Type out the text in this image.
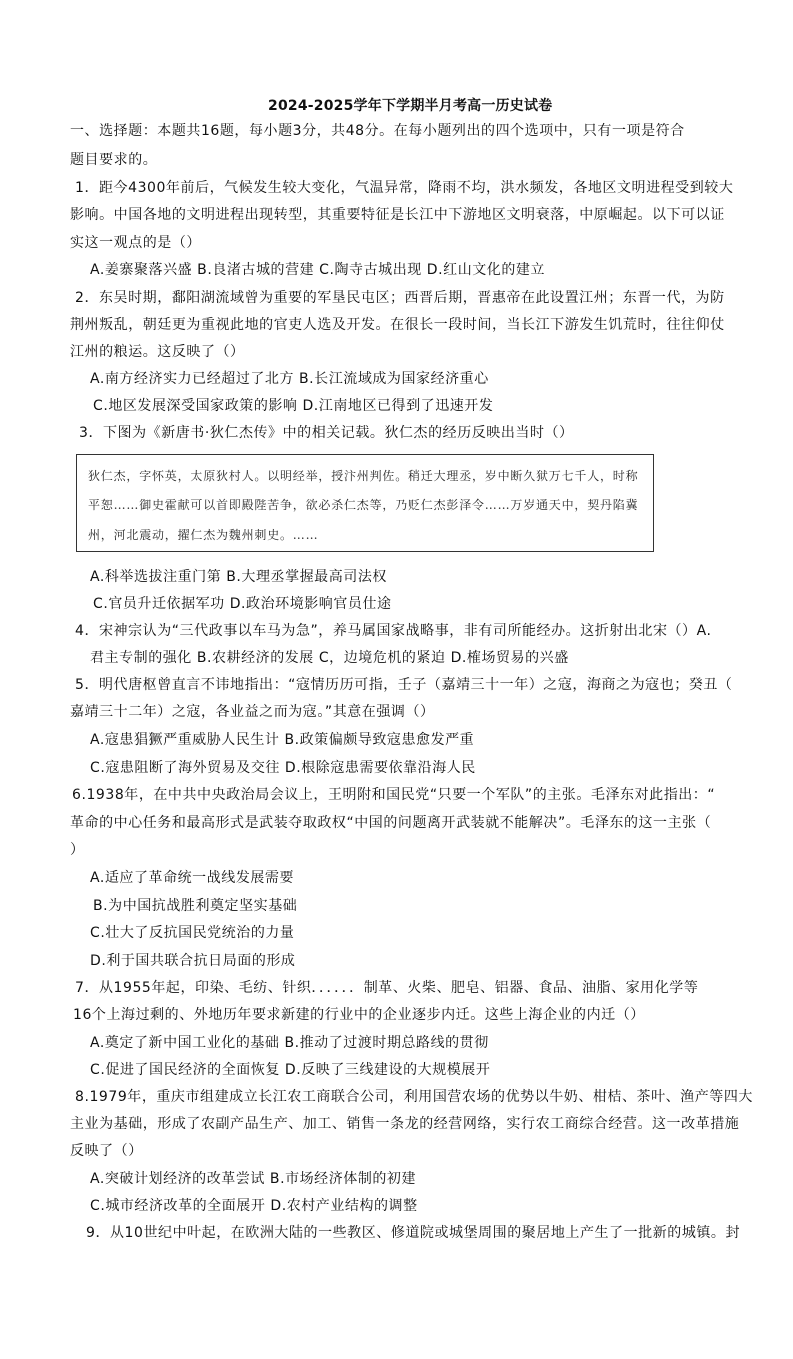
2024-2025学年下学期半月考高一历史试卷
一、选择题：本题共16题，每小题3分，共48分。在每小题列出的四个选项中，只有一项是符合
题目要求的。
1．距今4300年前后，气候发生较大变化，气温异常，降雨不均，洪水频发，各地区文明进程受到较大
影响。中国各地的文明进程出现转型，其重要特征是长江中下游地区文明衰落，中原崛起。以下可以证
实这一观点的是（）
A.姜寨聚落兴盛 B.良渚古城的营建 C.陶寺古城出现 D.红山文化的建立
2．东吴时期，鄱阳湖流域曾为重要的军垦民屯区；西晋后期，晋惠帝在此设置江州；东晋一代，为防
荆州叛乱，朝廷更为重视此地的官吏人选及开发。在很长一段时间，当长江下游发生饥荒时，往往仰仗
江州的粮运。这反映了（）
A.南方经济实力已经超过了北方 B.长江流域成为国家经济重心
C.地区发展深受国家政策的影响 D.江南地区已得到了迅速开发
3．下图为《新唐书·狄仁杰传》中的相关记载。狄仁杰的经历反映出当时（）
狄仁杰，字怀英，太原狄村人。以明经举，授汴州判佐。稍迁大理丞，岁中断久狱万七千人，时称
平恕……御史霍献可以首即殿陛苦争，欲必杀仁杰等，乃贬仁杰彭泽令……万岁通天中，契丹陷冀
州，河北震动，擢仁杰为魏州刺史。……
A.科举选拔注重门第 B.大理丞掌握最高司法权
C.官员升迁依据军功 D.政治环境影响官员仕途
4．宋神宗认为“三代政事以车马为急”，养马属国家战略事，非有司所能经办。这折射出北宋（）A.
君主专制的强化 B.农耕经济的发展 C，边境危机的紧迫 D.榷场贸易的兴盛
5．明代唐枢曾直言不讳地指出：“寇情历历可指，壬子（嘉靖三十一年）之寇，海商之为寇也；癸丑（
嘉靖三十二年）之寇，各业益之而为寇。”其意在强调（）
A.寇患猖獗严重威胁人民生计 B.政策偏颇导致寇患愈发严重
C.寇患阻断了海外贸易及交往 D.根除寇患需要依靠沿海人民
6.1938年，在中共中央政治局会议上，王明附和国民党“只要一个军队”的主张。毛泽东对此指出：“
革命的中心任务和最高形式是武装夺取政权“中国的问题离开武装就不能解决”。毛泽东的这一主张（
）
A.适应了革命统一战线发展需要
B.为中国抗战胜利奠定坚实基础
C.壮大了反抗国民党统治的力量
D.利于国共联合抗日局面的形成
7．从1955年起，印染、毛纺、针织．．．．．．制革、火柴、肥皂、铝器、食品、油脂、家用化学等
16个上海过剩的、外地历年要求新建的行业中的企业逐步内迁。这些上海企业的内迁（）
A.奠定了新中国工业化的基础 B.推动了过渡时期总路线的贯彻
C.促进了国民经济的全面恢复 D.反映了三线建设的大规模展开
8.1979年，重庆市组建成立长江农工商联合公司，利用国营农场的优势以牛奶、柑桔、茶叶、渔产等四大
主业为基础，形成了农副产品生产、加工、销售一条龙的经营网络，实行农工商综合经营。这一改革措施
反映了（）
A.突破计划经济的改革尝试 B.市场经济体制的初建
C.城市经济改革的全面展开 D.农村产业结构的调整
9．从10世纪中叶起，在欧洲大陆的一些教区、修道院或城堡周围的聚居地上产生了一批新的城镇。封
